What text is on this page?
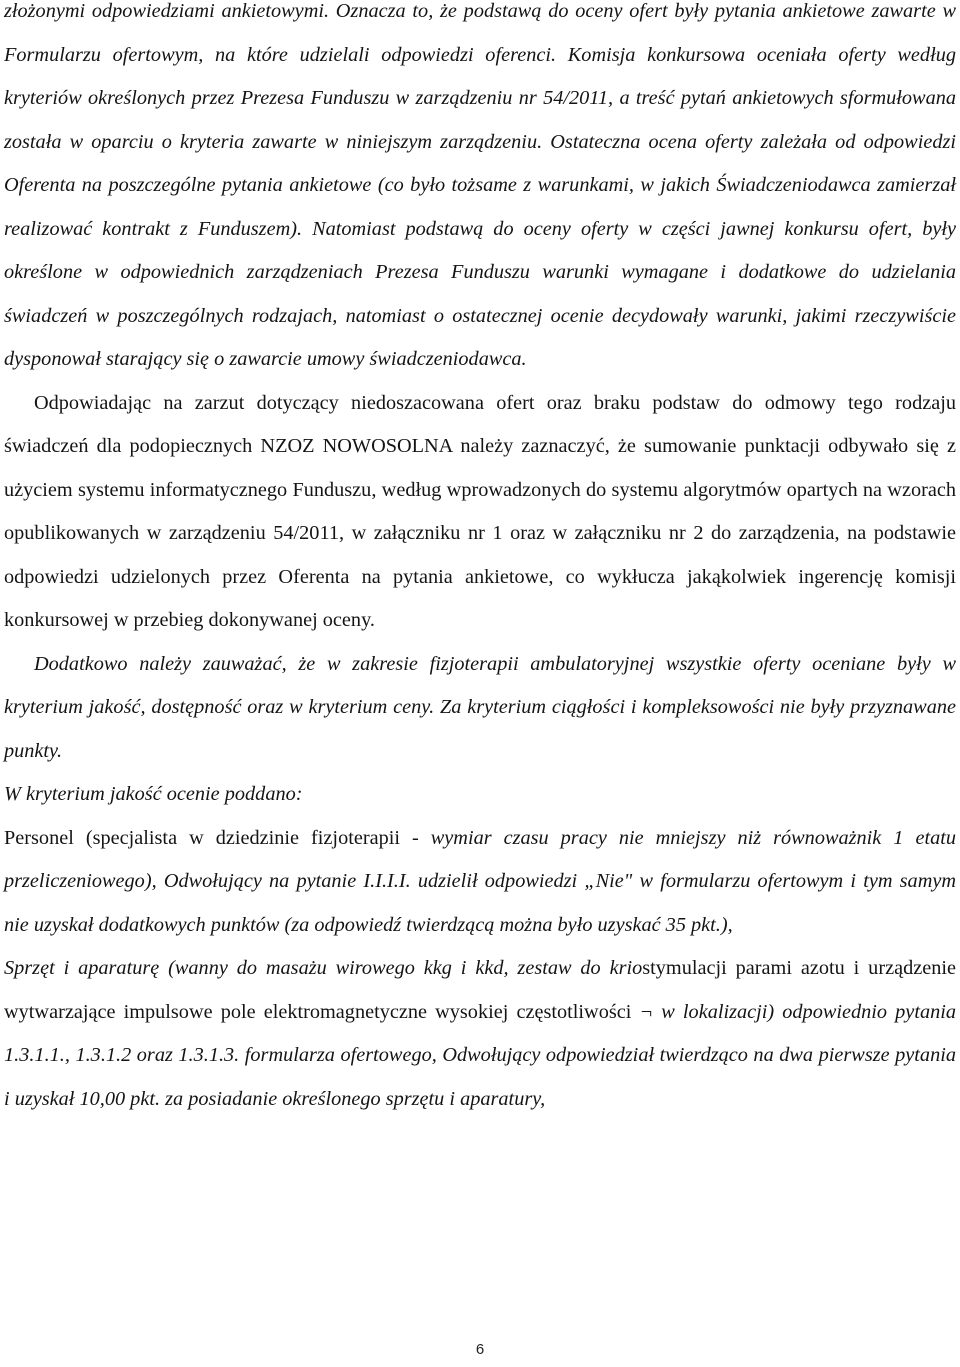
złożonymi odpowiedziami ankietowymi. Oznacza to, że podstawą do oceny ofert były pytania ankietowe zawarte w Formularzu ofertowym, na które udzielali odpowiedzi oferenci. Komisja konkursowa oceniała oferty według kryteriów określonych przez Prezesa Funduszu w zarządzeniu nr 54/2011, a treść pytań ankietowych sformułowana została w oparciu o kryteria zawarte w niniejszym zarządzeniu. Ostateczna ocena oferty zależała od odpowiedzi Oferenta na poszczególne pytania ankietowe (co było tożsame z warunkami, w jakich Świadczeniodawca zamierzał realizować kontrakt z Funduszem). Natomiast podstawą do oceny oferty w części jawnej konkursu ofert, były określone w odpowiednich zarządzeniach Prezesa Funduszu warunki wymagane i dodatkowe do udzielania świadczeń w poszczególnych rodzajach, natomiast o ostatecznej ocenie decydowały warunki, jakimi rzeczywiście dysponował starający się o zawarcie umowy świadczeniodawca.

Odpowiadając na zarzut dotyczący niedoszacowana ofert oraz braku podstaw do odmowy tego rodzaju świadczeń dla podopiecznych NZOZ NOWOSOLNA należy zaznaczyć, że sumowanie punktacji odbywało się z użyciem systemu informatycznego Funduszu, według wprowadzonych do systemu algorytmów opartych na wzorach opublikowanych w zarządzeniu 54/2011, w załączniku nr 1 oraz w załączniku nr 2 do zarządzenia, na podstawie odpowiedzi udzielonych przez Oferenta na pytania ankietowe, co wykłucza jakąkolwiek ingerencję komisji konkursowej w przebieg dokonywanej oceny.

Dodatkowo należy zauważać, że w zakresie fizjoterapii ambulatoryjnej wszystkie oferty oceniane były w kryterium jakość, dostępność oraz w kryterium ceny. Za kryterium ciągłości i kompleksowości nie były przyznawane punkty.

W kryterium jakość ocenie poddano:

Personel (specjalista w dziedzinie fizjoterapii - wymiar czasu pracy nie mniejszy niż równoważnik 1 etatu przeliczeniowego), Odwołujący na pytanie I.I.I.I. udzielił odpowiedzi „Nie" w formularzu ofertowym i tym samym nie uzyskał dodatkowych punktów (za odpowiedź twierdzącą można było uzyskać 35 pkt.),

Sprzęt i aparaturę (wanny do masażu wirowego kkg i kkd, zestaw do kriostymulacji parami azotu i urządzenie wytwarzające impulsowe pole elektromagnetyczne wysokiej częstotliwości ¬ w lokalizacji) odpowiednio pytania 1.3.1.1., 1.3.1.2 oraz 1.3.1.3. formularza ofertowego, Odwołujący odpowiedział twierdząco na dwa pierwsze pytania i uzyskał 10,00 pkt. za posiadanie określonego sprzętu i aparatury,

6
